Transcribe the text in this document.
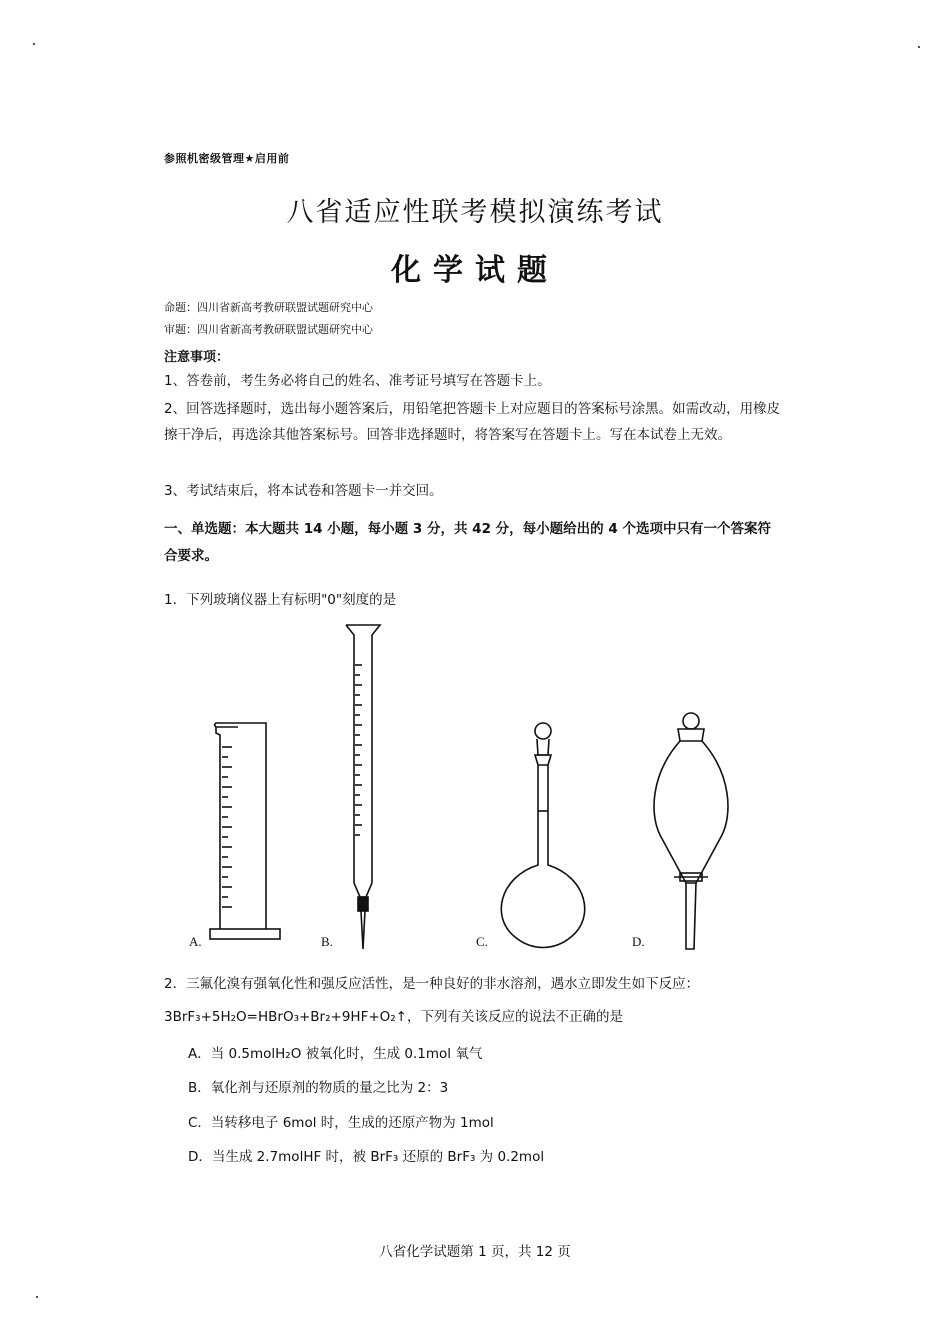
参照机密级管理★启用前
八省适应性联考模拟演练考试
化学试题
命题：四川省新高考教研联盟试题研究中心
审题：四川省新高考教研联盟试题研究中心
注意事项：
1、答卷前，考生务必将自己的姓名、准考证号填写在答题卡上。
2、回答选择题时，选出每小题答案后，用铅笔把答题卡上对应题目的答案标号涂黑。如需改动，用橡皮擦干净后，再选涂其他答案标号。回答非选择题时，将答案写在答题卡上。写在本试卷上无效。
3、考试结束后，将本试卷和答题卡一并交回。
一、单选题：本大题共 14 小题，每小题 3 分，共 42 分，每小题给出的 4 个选项中只有一个答案符合要求。
1．下列玻璃仪器上有标明"0"刻度的是
A.	B.	C.	D.
2．三氟化溴有强氧化性和强反应活性，是一种良好的非水溶剂，遇水立即发生如下反应：
3BrF₃+5H₂O=HBrO₃+Br₂+9HF+O₂↑，下列有关该反应的说法不正确的是
A．当 0.5molH₂O 被氧化时，生成 0.1mol 氧气
B．氧化剂与还原剂的物质的量之比为 2：3
C．当转移电子 6mol 时，生成的还原产物为 1mol
D．当生成 2.7molHF 时，被 BrF₃ 还原的 BrF₃ 为 0.2mol
八省化学试题第 1 页，共 12 页
